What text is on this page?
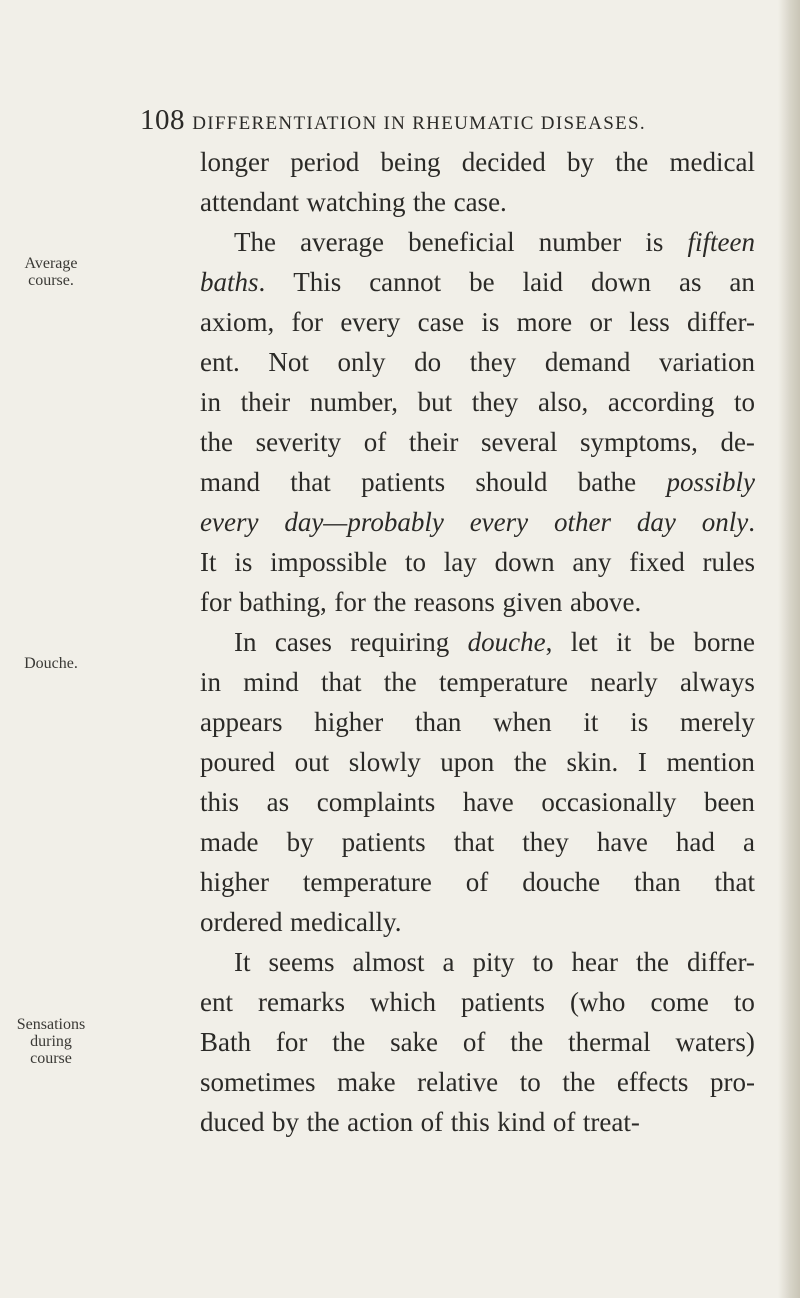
108 DIFFERENTIATION IN RHEUMATIC DISEASES.
Average
course.
Douche.
Sensations
during
course
longer period being decided by the medical
attendant watching the case.
The average beneficial number is fifteen
baths. This cannot be laid down as an
axiom, for every case is more or less differ-
ent. Not only do they demand variation
in their number, but they also, according to
the severity of their several symptoms, de-
mand that patients should bathe possibly
every day—probably every other day only.
It is impossible to lay down any fixed rules
for bathing, for the reasons given above.
In cases requiring douche, let it be borne
in mind that the temperature nearly always
appears higher than when it is merely
poured out slowly upon the skin. I mention
this as complaints have occasionally been
made by patients that they have had a
higher temperature of douche than that
ordered medically.
It seems almost a pity to hear the differ-
ent remarks which patients (who come to
Bath for the sake of the thermal waters)
sometimes make relative to the effects pro-
duced by the action of this kind of treat-
